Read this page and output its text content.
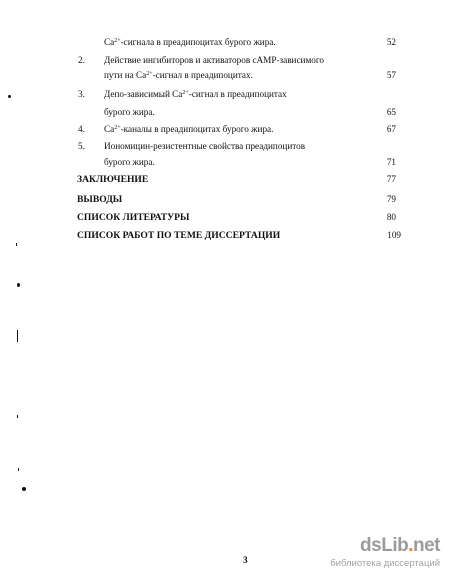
$Ca^{2+}$-сигнала в преадипоцитах бурого жира.	52
2. Действие ингибиторов и активаторов cAMP-зависимого
пути на $Ca^{2+}$-сигнал в преадипоцитах.	57
3. Депо-зависимый $Ca^{2+}$-сигнал в преадипоцитах
бурого жира.	65
4. $Ca^{2+}$-каналы в преадипоцитах бурого жира.	67
5. Иономицин-резистентные свойства преадипоцитов
бурого жира.	71
ЗАКЛЮЧЕНИЕ	77
ВЫВОДЫ	79
СПИСОК ЛИТЕРАТУРЫ	80
СПИСОК РАБОТ ПО ТЕМЕ ДИССЕРТАЦИИ	109
3
dsLib.net
библиотека диссертаций
